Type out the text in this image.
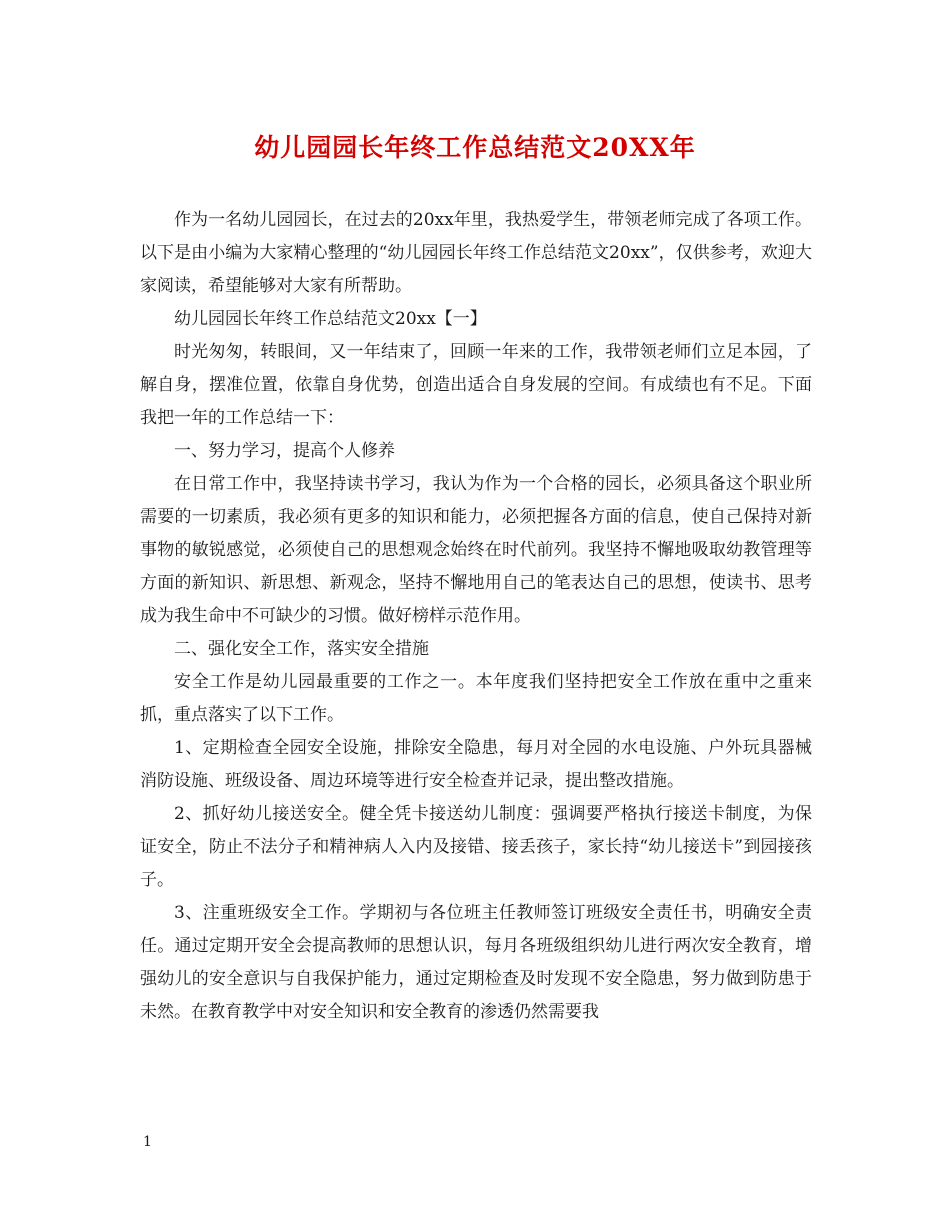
幼儿园园长年终工作总结范文20XX年

作为一名幼儿园园长，在过去的20xx年里，我热爱学生，带领老师完成了各项工作。以下是由小编为大家精心整理的“幼儿园园长年终工作总结范文20xx”，仅供参考，欢迎大家阅读，希望能够对大家有所帮助。

幼儿园园长年终工作总结范文20xx【一】

时光匆匆，转眼间，又一年结束了，回顾一年来的工作，我带领老师们立足本园，了解自身，摆准位置，依靠自身优势，创造出适合自身发展的空间。有成绩也有不足。下面我把一年的工作总结一下：

一、努力学习，提高个人修养

在日常工作中，我坚持读书学习，我认为作为一个合格的园长，必须具备这个职业所需要的一切素质，我必须有更多的知识和能力，必须把握各方面的信息，使自己保持对新事物的敏锐感觉，必须使自己的思想观念始终在时代前列。我坚持不懈地吸取幼教管理等方面的新知识、新思想、新观念，坚持不懈地用自己的笔表达自己的思想，使读书、思考成为我生命中不可缺少的习惯。做好榜样示范作用。

二、强化安全工作，落实安全措施

安全工作是幼儿园最重要的工作之一。本年度我们坚持把安全工作放在重中之重来抓，重点落实了以下工作。

1、定期检查全园安全设施，排除安全隐患，每月对全园的水电设施、户外玩具器械消防设施、班级设备、周边环境等进行安全检查并记录，提出整改措施。

2、抓好幼儿接送安全。健全凭卡接送幼儿制度：强调要严格执行接送卡制度，为保证安全，防止不法分子和精神病人入内及接错、接丢孩子，家长持“幼儿接送卡”到园接孩子。

3、注重班级安全工作。学期初与各位班主任教师签订班级安全责任书，明确安全责任。通过定期开安全会提高教师的思想认识，每月各班级组织幼儿进行两次安全教育，增强幼儿的安全意识与自我保护能力，通过定期检查及时发现不安全隐患，努力做到防患于未然。在教育教学中对安全知识和安全教育的渗透仍然需要我

1
